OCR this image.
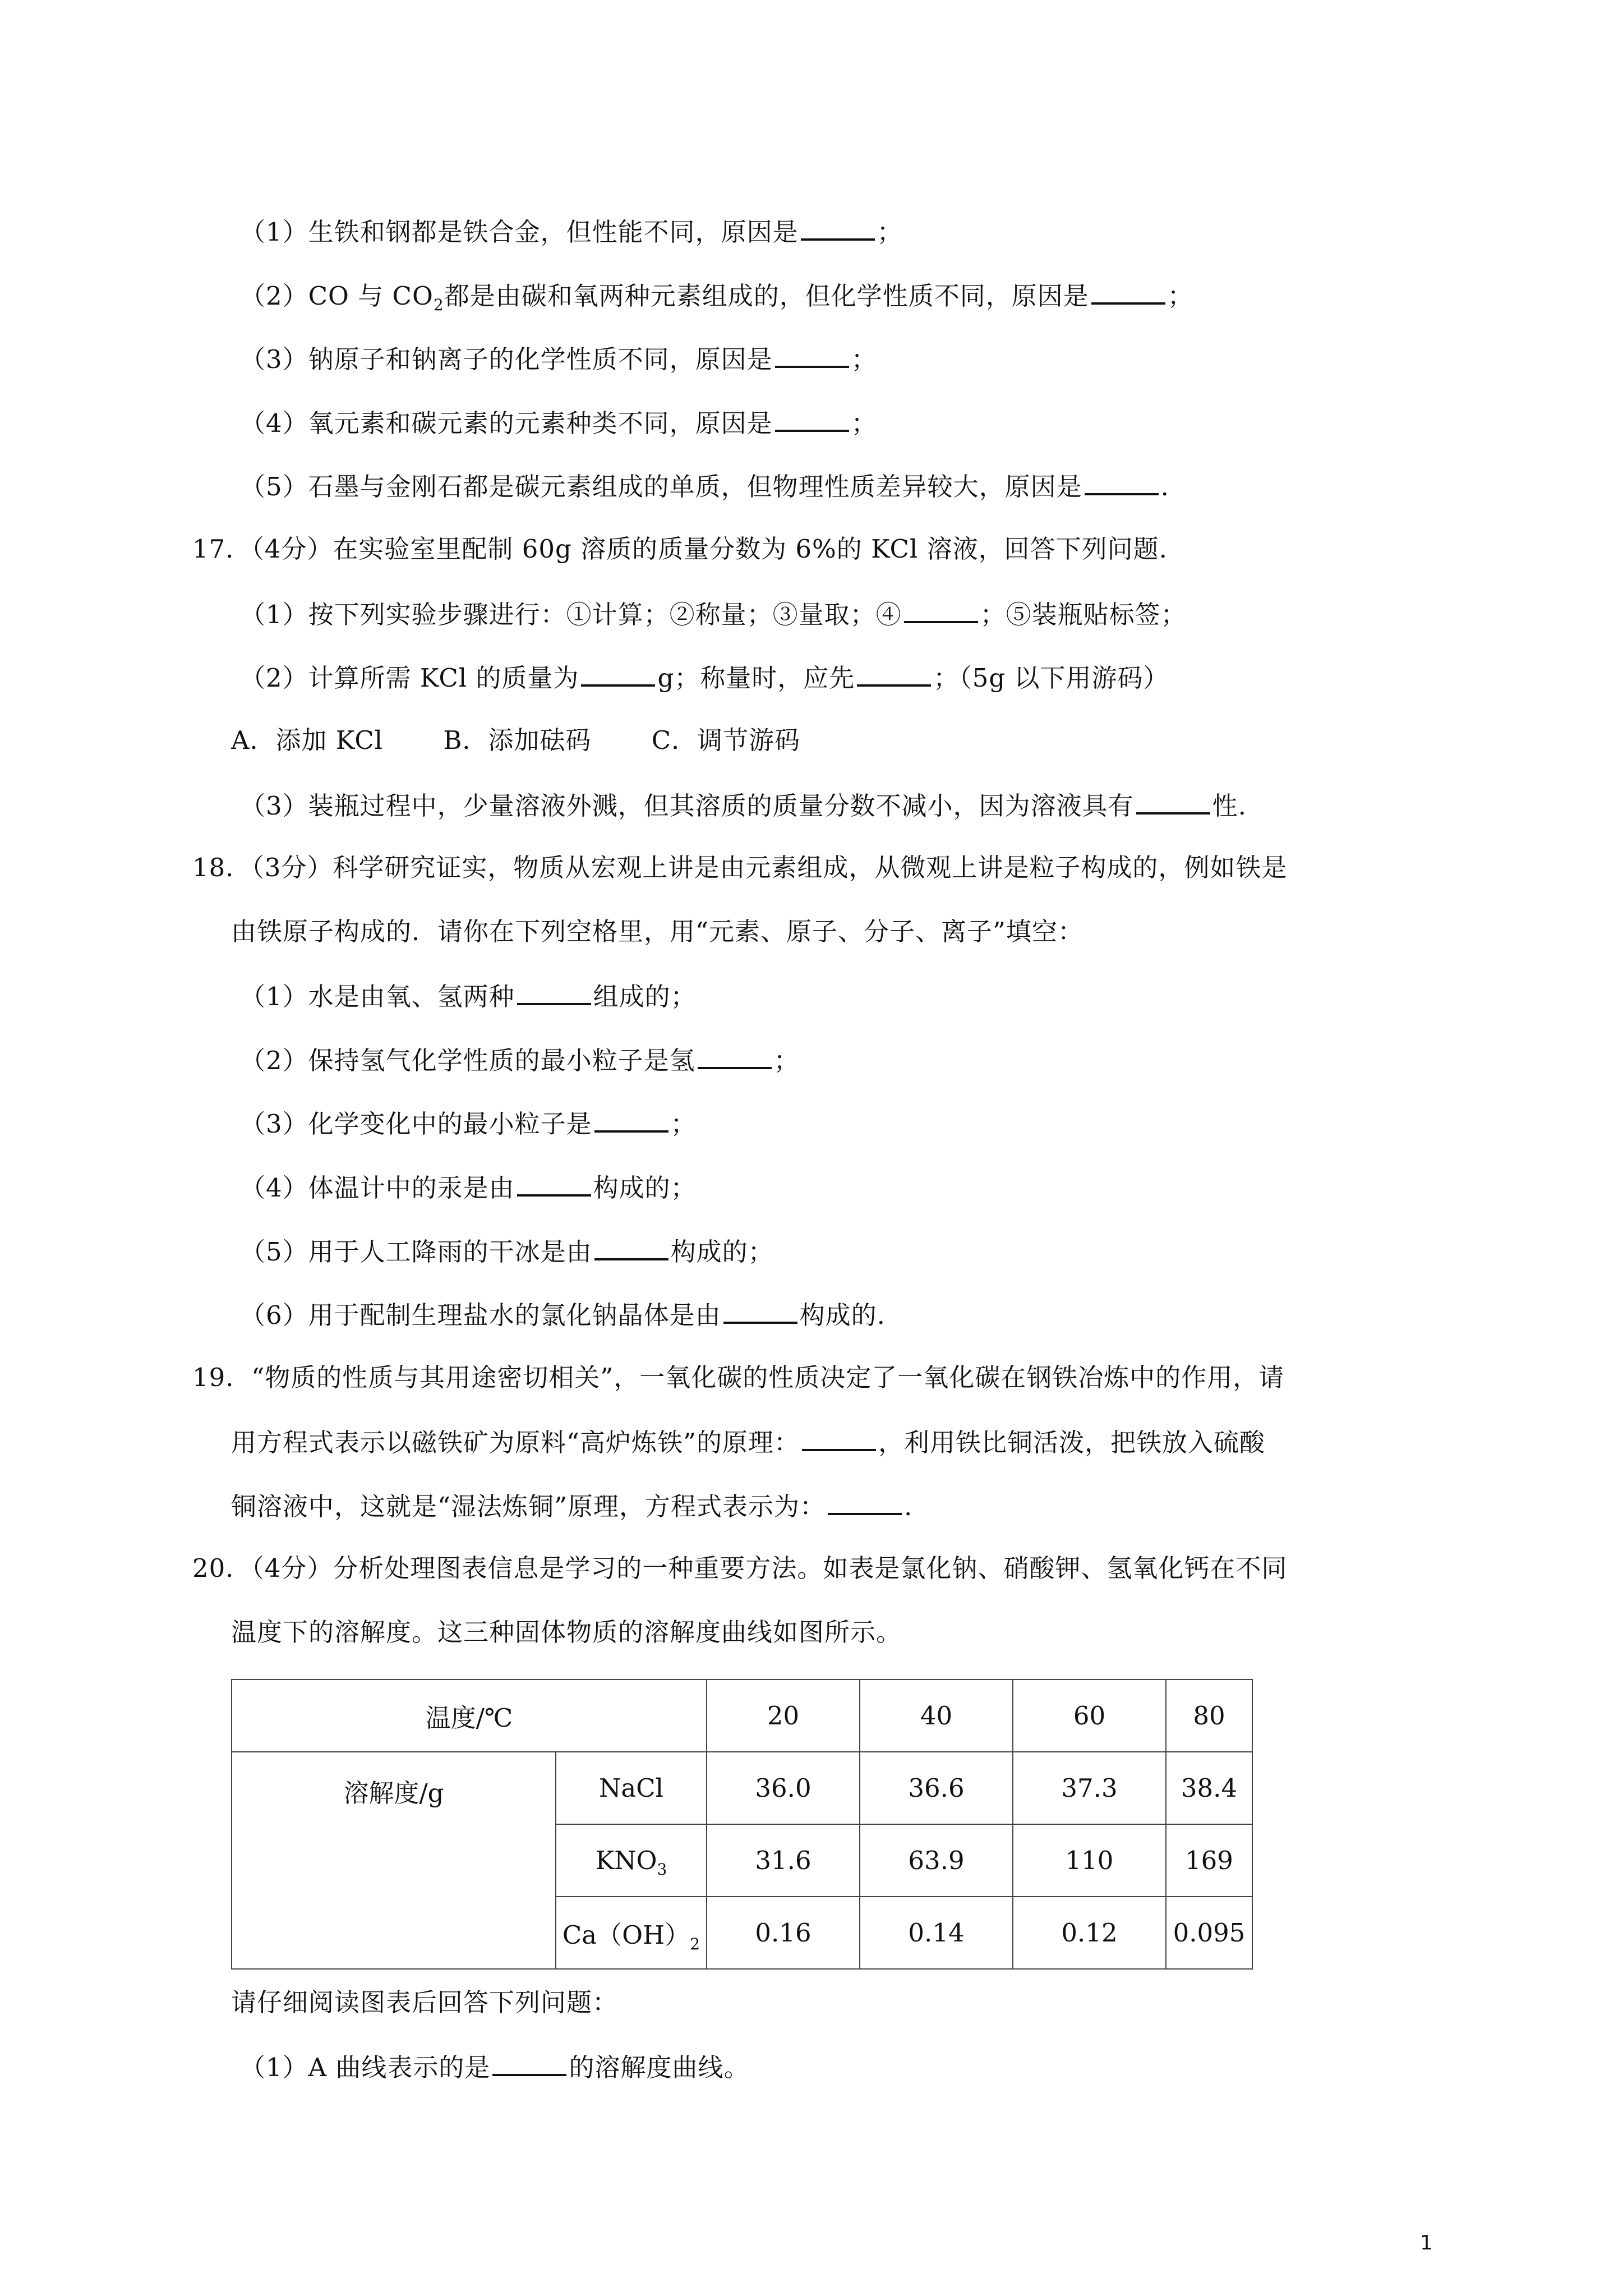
（1）生铁和钢都是铁合金，但性能不同，原因是	；
（2）CO 与 $CO_2$都是由碳和氧两种元素组成的，但化学性质不同，原因是	；
（3）钠原子和钠离子的化学性质不同，原因是	；
（4）氧元素和碳元素的元素种类不同，原因是	；
（5）石墨与金刚石都是碳元素组成的单质，但物理性质差异较大，原因是	.
17．（4分）在实验室里配制 60g 溶质的质量分数为 6%的 KCl 溶液，回答下列问题.
（1）按下列实验步骤进行：①计算；②称量；③量取；④	；⑤装瓶贴标签；
（2）计算所需 KCl 的质量为	g；称量时，应先	；（5g 以下用游码）
A．添加 KCl　 　B．添加砝码　　 C．调节游码
（3）装瓶过程中，少量溶液外溅，但其溶质的质量分数不减小，因为溶液具有	性.
18．（3分）科学研究证实，物质从宏观上讲是由元素组成，从微观上讲是粒子构成的，例如铁是
由铁原子构成的．请你在下列空格里，用“元素、原子、分子、离子”填空：
（1）水是由氧、氢两种	组成的；
（2）保持氢气化学性质的最小粒子是氢	；
（3）化学变化中的最小粒子是	；
（4）体温计中的汞是由	构成的；
（5）用于人工降雨的干冰是由	构成的；
（6）用于配制生理盐水的氯化钠晶体是由	构成的.
19．“物质的性质与其用途密切相关”，一氧化碳的性质决定了一氧化碳在钢铁冶炼中的作用，请
用方程式表示以磁铁矿为原料“高炉炼铁”的原理：	，利用铁比铜活泼，把铁放入硫酸
铜溶液中，这就是“湿法炼铜”原理，方程式表示为：	.
20．（4分）分析处理图表信息是学习的一种重要方法。如表是氯化钠、硝酸钾、氢氧化钙在不同
温度下的溶解度。这三种固体物质的溶解度曲线如图所示。
温度/℃		20	40	60	80
溶解度/g	NaCl	36.0	36.6	37.3	38.4
	$KNO_3$	31.6	63.9	110	169
	$Ca(OH)_2$	0.16	0.14	0.12	0.095
请仔细阅读图表后回答下列问题：
（1）A 曲线表示的是	的溶解度曲线。
1
